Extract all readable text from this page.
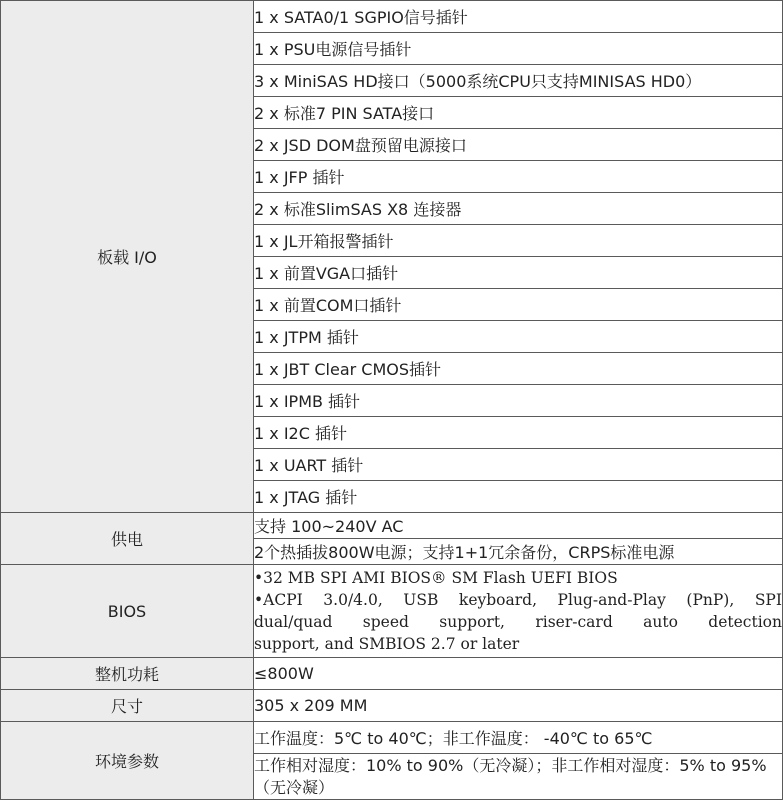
板载 I/O	1 x SATA0/1 SGPIO信号插针
	1 x PSU电源信号插针
	3 x MiniSAS HD接口（5000系统CPU只支持MINISAS HD0）
	2 x 标准7 PIN SATA接口
	2 x JSD DOM盘预留电源接口
	1 x JFP 插针
	2 x 标准SlimSAS X8 连接器
	1 x JL开箱报警插针
	1 x 前置VGA口插针
	1 x 前置COM口插针
	1 x JTPM 插针
	1 x JBT Clear CMOS插针
	1 x IPMB 插针
	1 x I2C 插针
	1 x UART 插针
	1 x JTAG 插针
供电	支持 100~240V AC
	2个热插拔800W电源；支持1+1冗余备份，CRPS标准电源
BIOS	•32 MB SPI AMI BIOS® SM Flash UEFI BIOS
•ACPI 3.0/4.0, USB keyboard, Plug-and-Play (PnP), SPI
dual/quad speed support, riser-card auto detection
support, and SMBIOS 2.7 or later

整机功耗	≤800W
尺寸	305 x 209 MM
环境参数	工作温度：5℃ to 40℃；非工作温度： -40℃ to 65℃
	工作相对湿度：10% to 90%（无冷凝）；非工作相对湿度：5% to 95%（无冷凝）
